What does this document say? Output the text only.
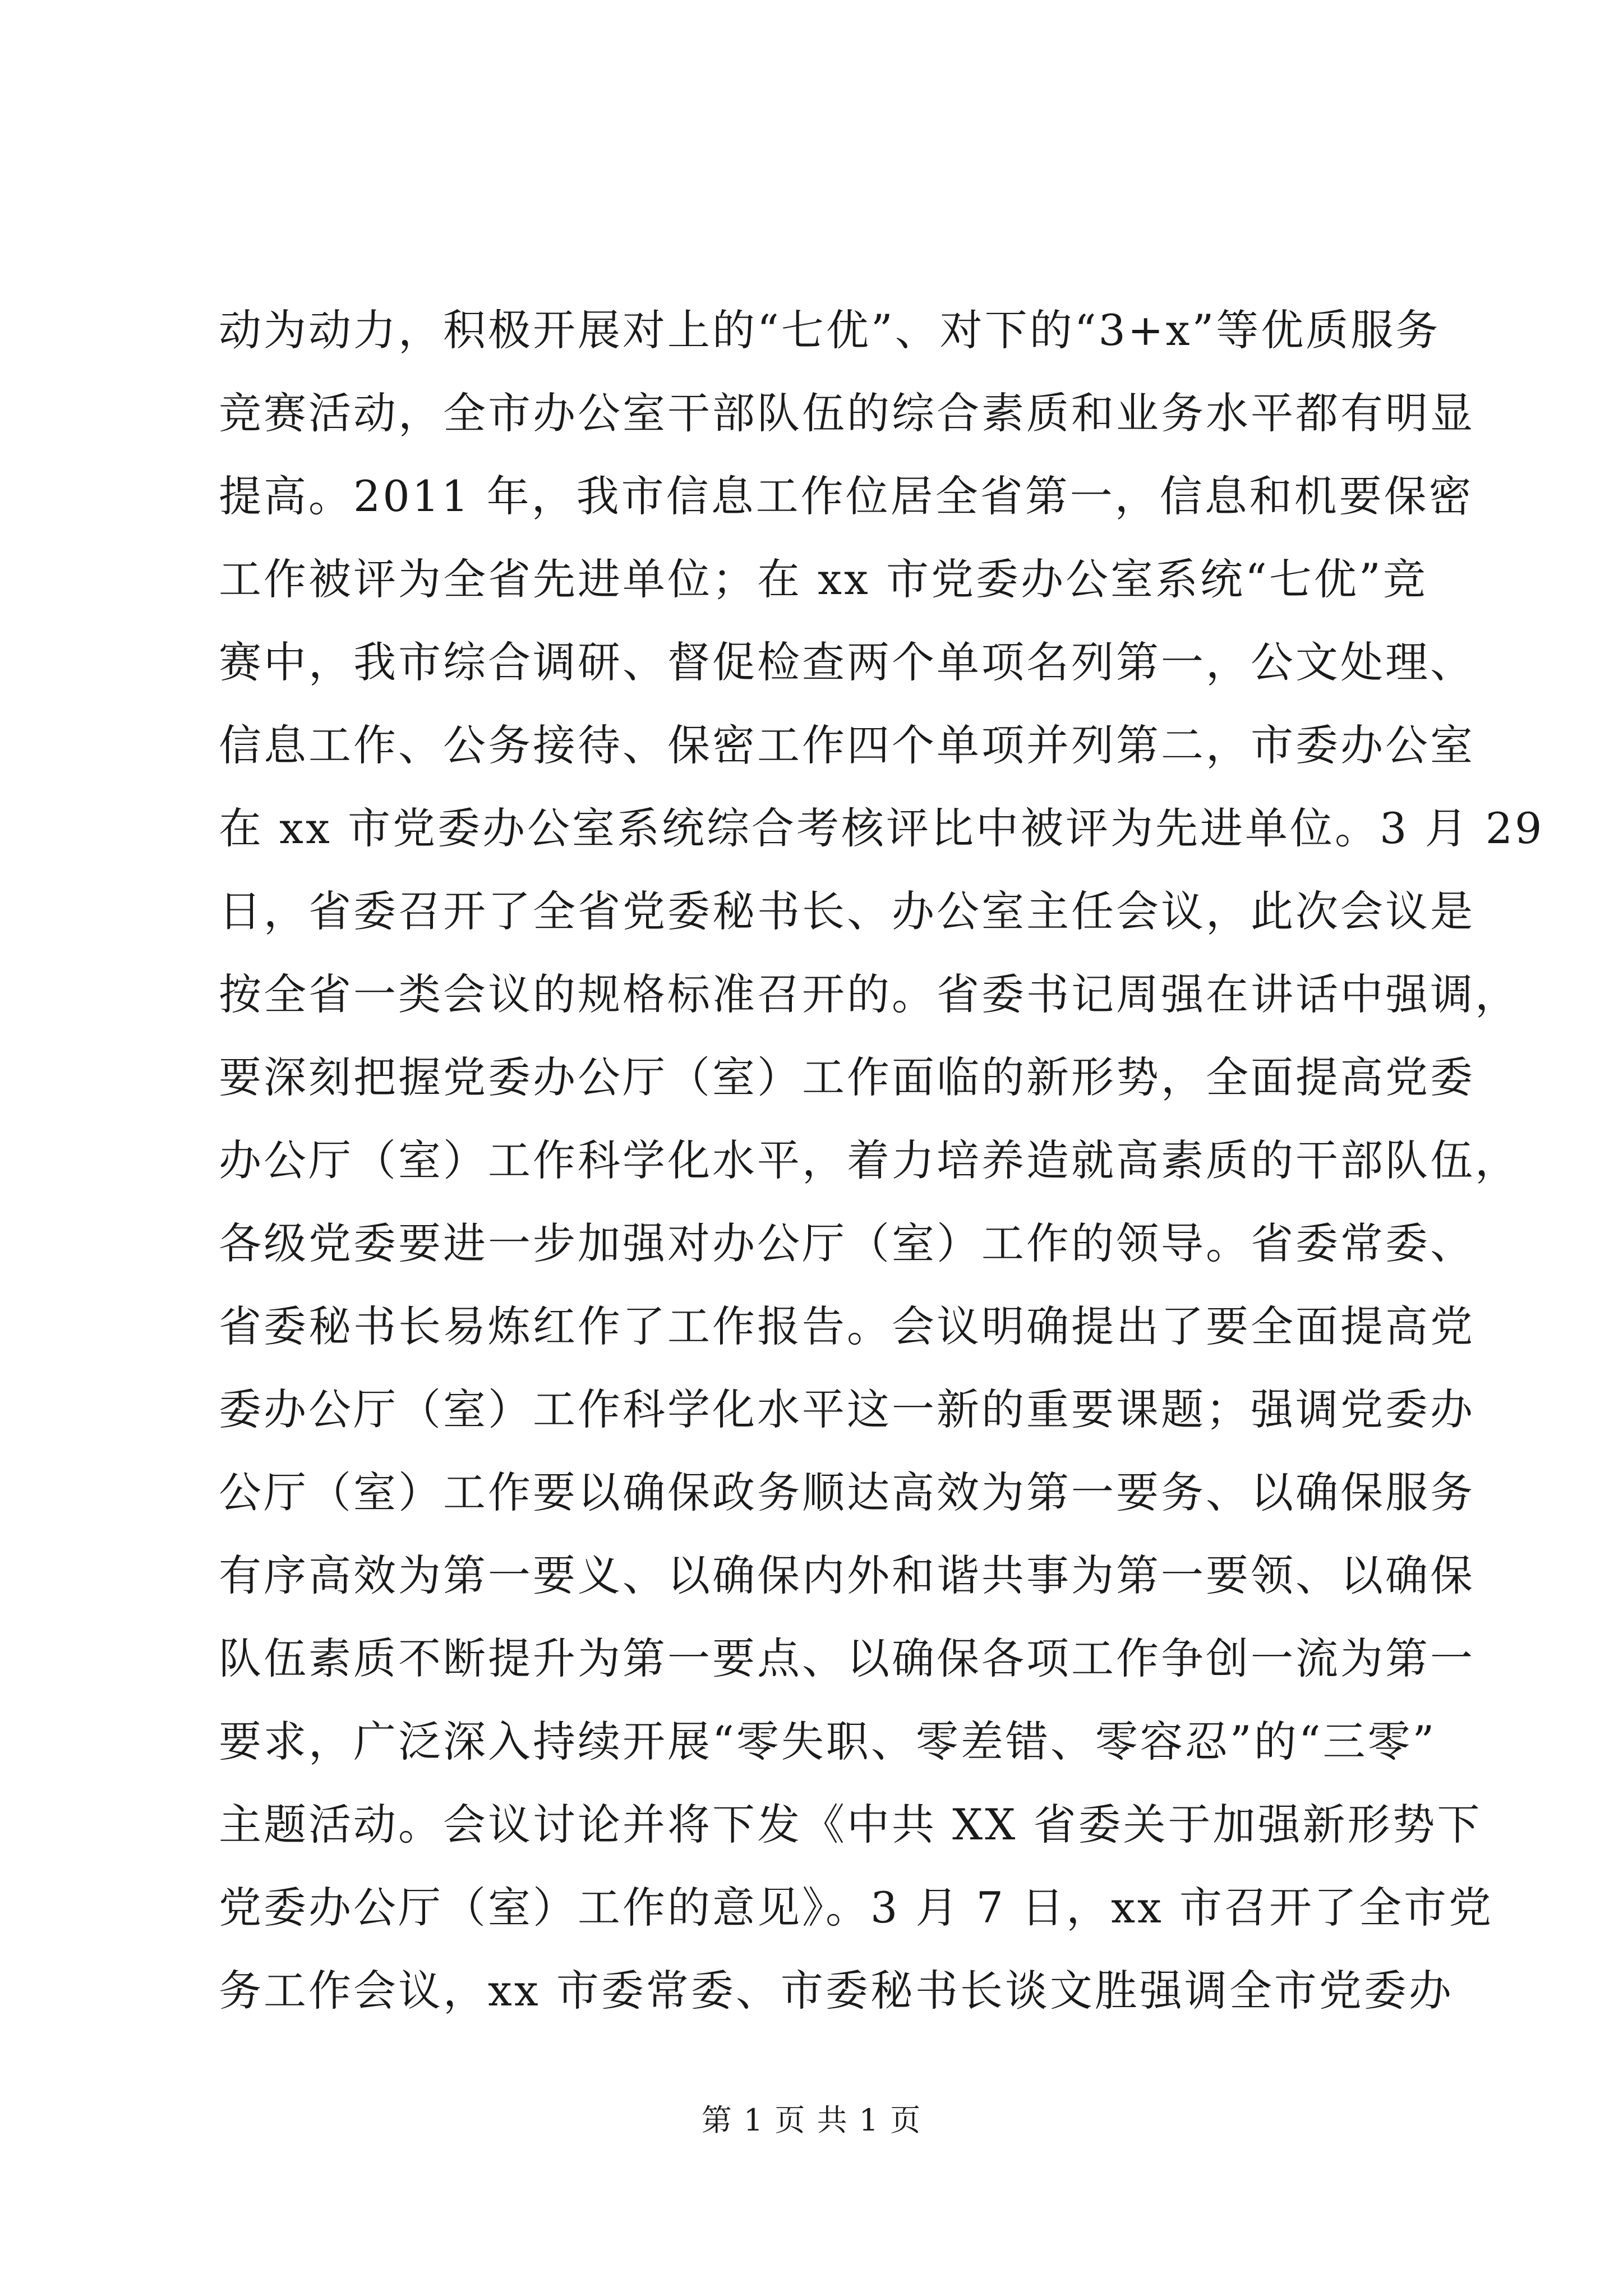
动为动力，积极开展对上的“七优”、对下的“3+x”等优质服务
竞赛活动，全市办公室干部队伍的综合素质和业务水平都有明显
提高。2011 年，我市信息工作位居全省第一，信息和机要保密
工作被评为全省先进单位；在 xx 市党委办公室系统“七优”竞
赛中，我市综合调研、督促检查两个单项名列第一，公文处理、
信息工作、公务接待、保密工作四个单项并列第二，市委办公室
在 xx 市党委办公室系统综合考核评比中被评为先进单位。3 月 29
日，省委召开了全省党委秘书长、办公室主任会议，此次会议是
按全省一类会议的规格标准召开的。省委书记周强在讲话中强调，
要深刻把握党委办公厅（室）工作面临的新形势，全面提高党委
办公厅（室）工作科学化水平，着力培养造就高素质的干部队伍，
各级党委要进一步加强对办公厅（室）工作的领导。省委常委、
省委秘书长易炼红作了工作报告。会议明确提出了要全面提高党
委办公厅（室）工作科学化水平这一新的重要课题；强调党委办
公厅（室）工作要以确保政务顺达高效为第一要务、以确保服务
有序高效为第一要义、以确保内外和谐共事为第一要领、以确保
队伍素质不断提升为第一要点、以确保各项工作争创一流为第一
要求，广泛深入持续开展“零失职、零差错、零容忍”的“三零”
主题活动。会议讨论并将下发《中共 XX 省委关于加强新形势下
党委办公厅（室）工作的意见》。3 月 7 日，xx 市召开了全市党
务工作会议，xx 市委常委、市委秘书长谈文胜强调全市党委办
第 1 页 共 1 页
